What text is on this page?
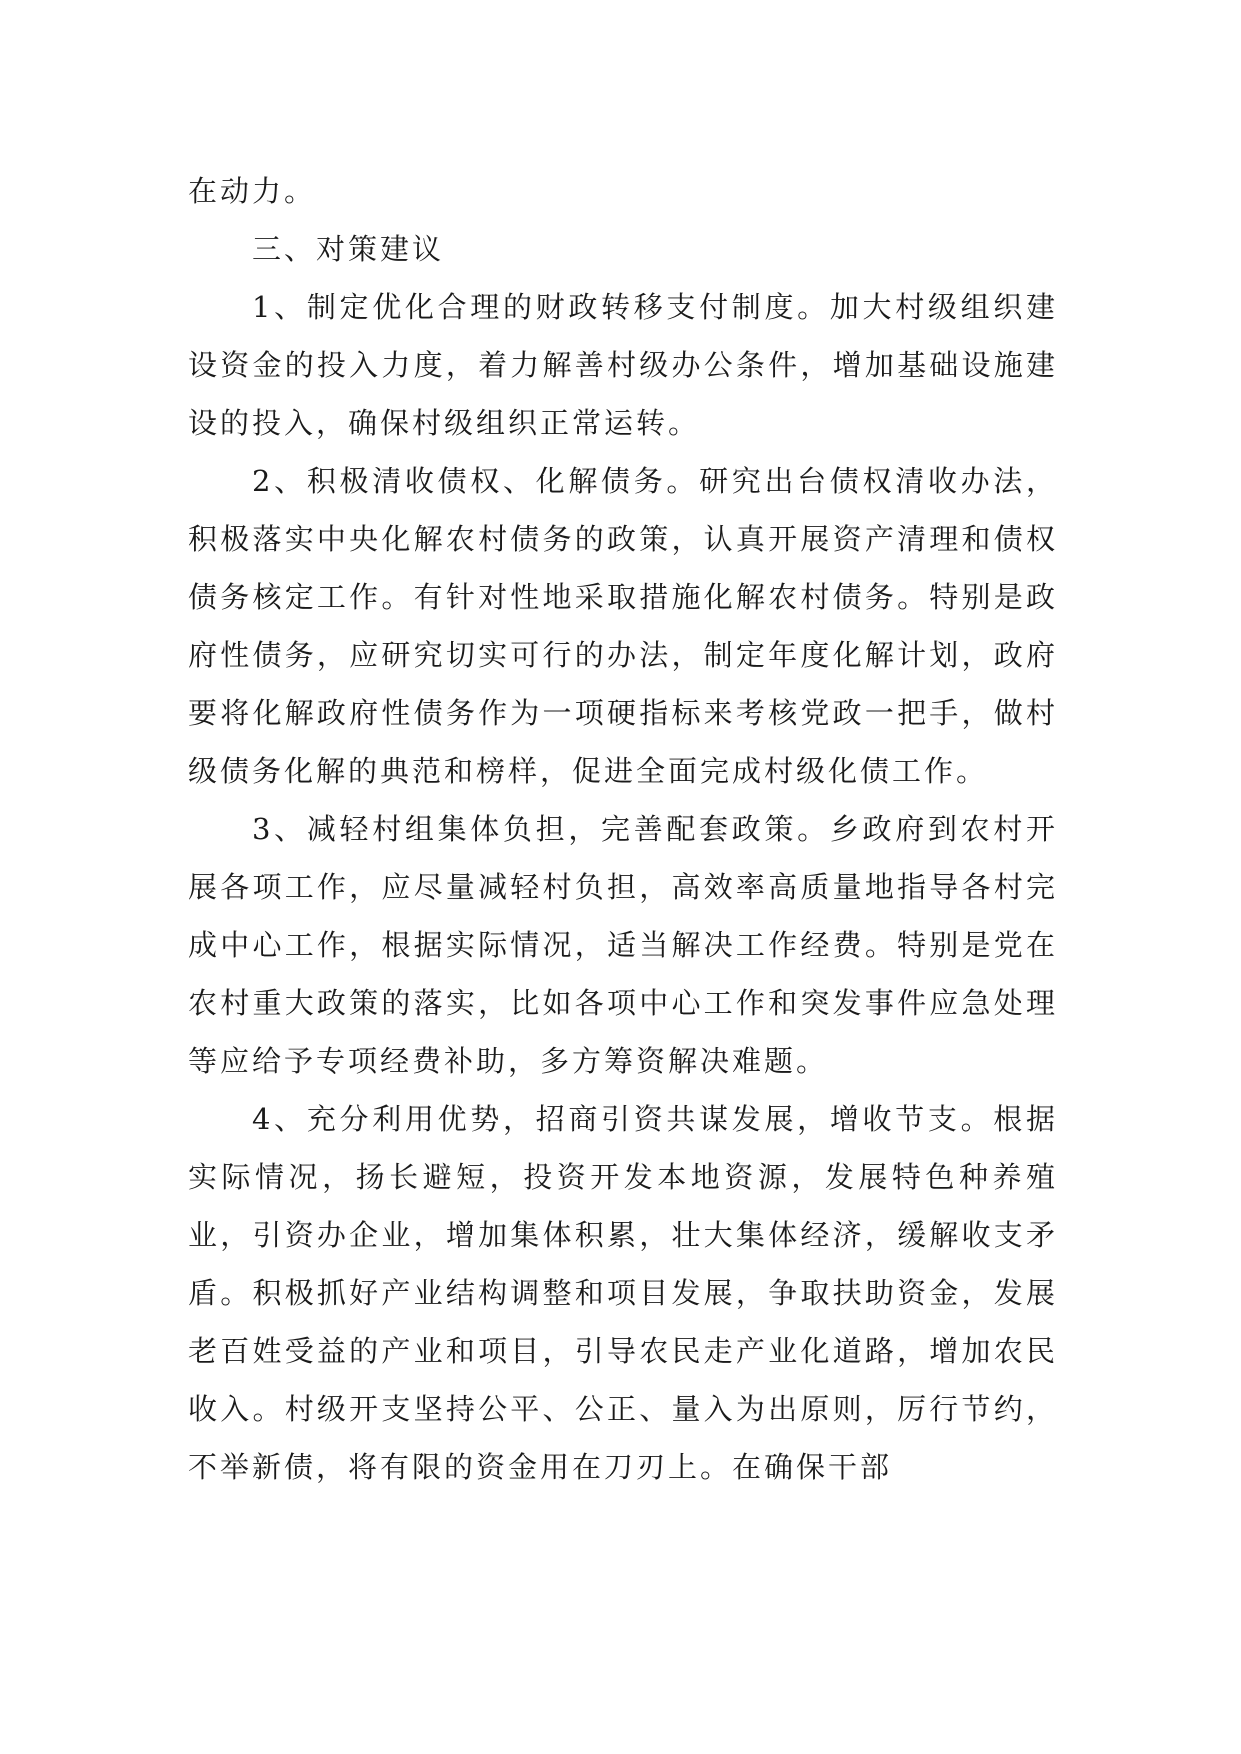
在动力。

三、对策建议

1、制定优化合理的财政转移支付制度。加大村级组织建设资金的投入力度，着力解善村级办公条件，增加基础设施建设的投入，确保村级组织正常运转。

2、积极清收债权、化解债务。研究出台债权清收办法，积极落实中央化解农村债务的政策，认真开展资产清理和债权债务核定工作。有针对性地采取措施化解农村债务。特别是政府性债务，应研究切实可行的办法，制定年度化解计划，政府要将化解政府性债务作为一项硬指标来考核党政一把手，做村级债务化解的典范和榜样，促进全面完成村级化债工作。

3、减轻村组集体负担，完善配套政策。乡政府到农村开展各项工作，应尽量减轻村负担，高效率高质量地指导各村完成中心工作，根据实际情况，适当解决工作经费。特别是党在农村重大政策的落实，比如各项中心工作和突发事件应急处理等应给予专项经费补助，多方筹资解决难题。

4、充分利用优势，招商引资共谋发展，增收节支。根据实际情况，扬长避短，投资开发本地资源，发展特色种养殖业，引资办企业，增加集体积累，壮大集体经济，缓解收支矛盾。积极抓好产业结构调整和项目发展，争取扶助资金，发展老百姓受益的产业和项目，引导农民走产业化道路，增加农民收入。村级开支坚持公平、公正、量入为出原则，厉行节约，不举新债，将有限的资金用在刀刃上。在确保干部
